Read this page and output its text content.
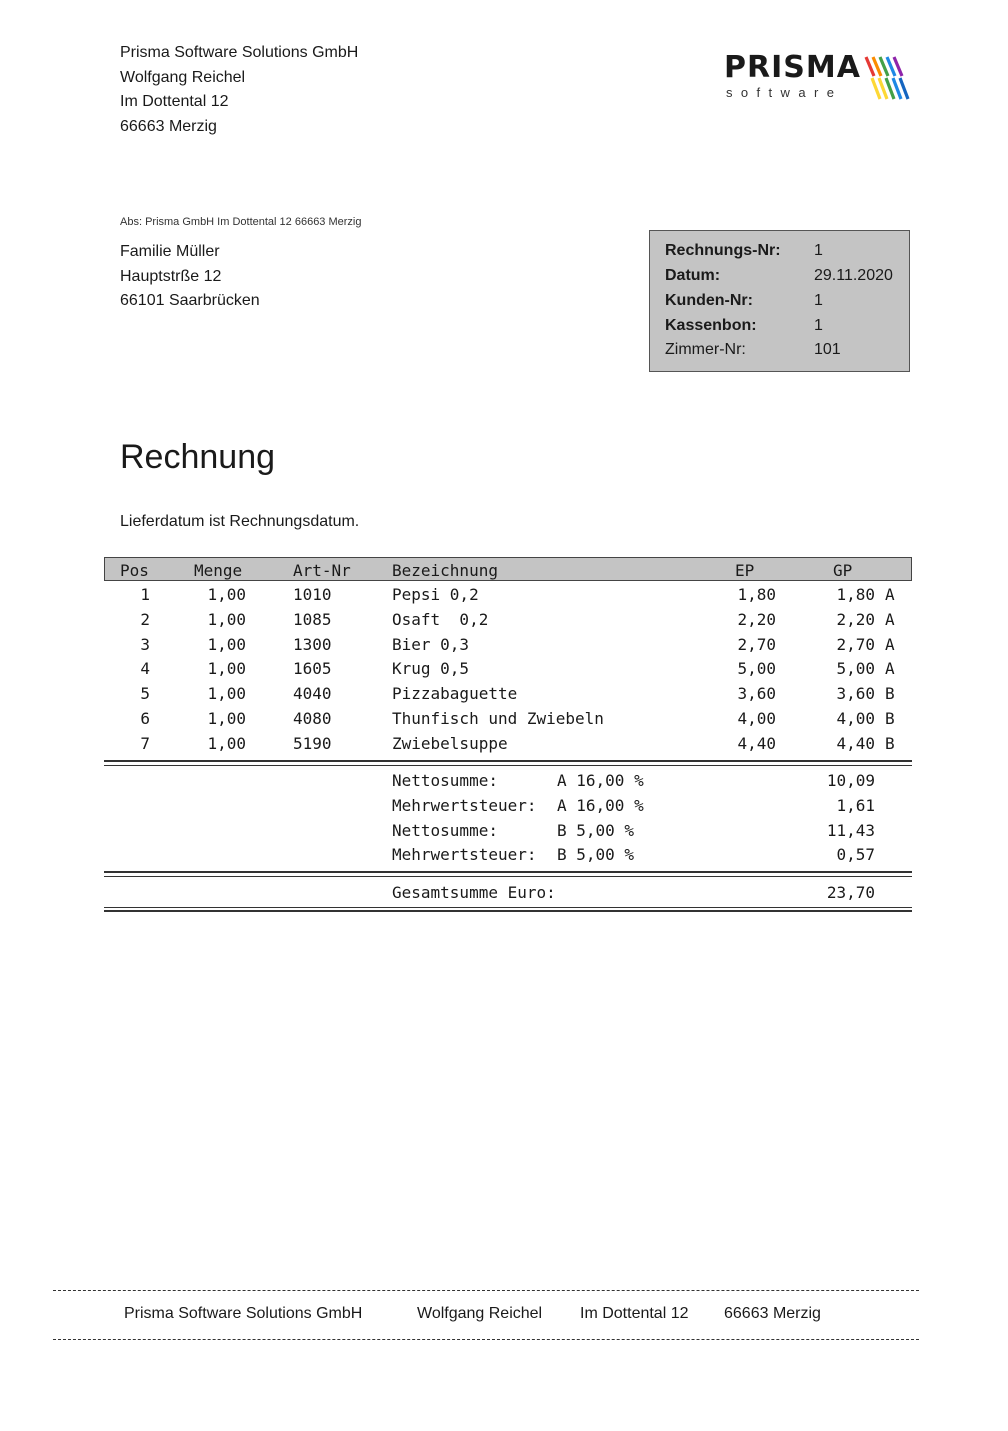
Prisma Software Solutions GmbH
Wolfgang Reichel
Im Dottental 12
66663 Merzig
PRISMA
software
Abs: Prisma GmbH Im Dottental 12 66663 Merzig
Familie Müller
Hauptstrße 12
66101 Saarbrücken
Rechnungs-Nr: 1
Datum:	29.11.2020
Kunden-Nr:	1
Kassenbon:	1
Zimmer-Nr:	101
Rechnung
Lieferdatum ist Rechnungsdatum.
Pos	Menge	Art-Nr	Bezeichnung	EP	GP
1	1,00	1010	Pepsi 0,2	1,80	1,80 A
2	1,00	1085	Osaft  0,2	2,20	2,20 A
3	1,00	1300	Bier 0,3	2,70	2,70 A
4	1,00	1605	Krug 0,5	5,00	5,00 A
5	1,00	4040	Pizzabaguette	3,60	3,60 B
6	1,00	4080	Thunfisch und Zwiebeln	4,00	4,00 B
7	1,00	5190	Zwiebelsuppe	4,40	4,40 B
Nettosumme:	A 16,00 %	10,09
Mehrwertsteuer:	A 16,00 %	1,61
Nettosumme:	B 5,00 %	11,43
Mehrwertsteuer:	B 5,00 %	0,57
Gesamtsumme Euro:	23,70
Prisma Software Solutions GmbH	Wolfgang Reichel Im Dottental 12 66663 Merzig
